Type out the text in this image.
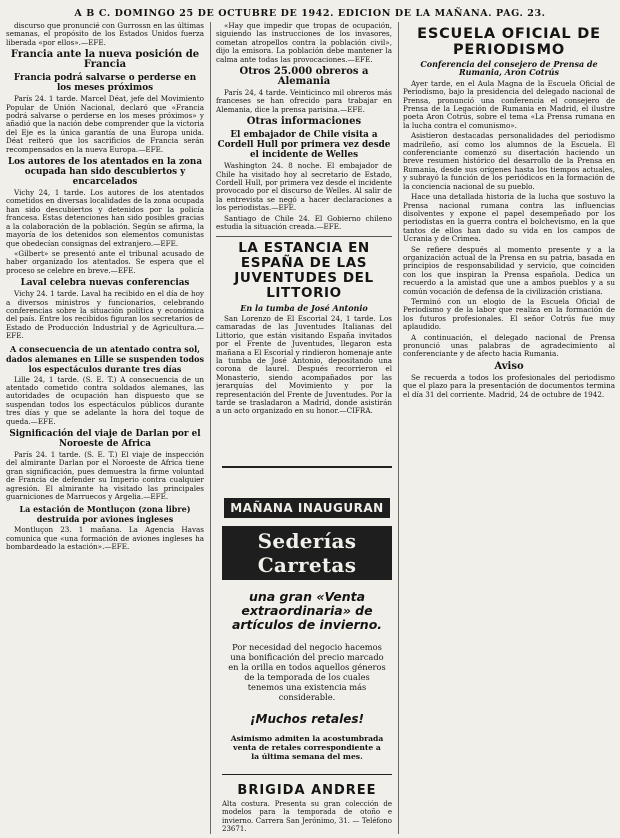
A B C. DOMINGO 25 DE OCTUBRE DE 1942. EDICION DE LA MAÑANA. PAG. 23.

discurso que pronuncié con Gurrossn en las últimas semanas, el propósito de los Estados Unidos fuerza liberada «por ellos».—EFE.

Francia ante la nueva posición de Francia
Francia podrá salvarse o perderse en los meses próximos

París 24. 1 tarde. Marcel Déat, jefe del Movimiento Popular de Unión Nacional, declaró que «Francia podrá salvarse o perderse en los meses próximos» y añadió que la nación debe comprender que la victoria del Eje es la única garantía de una Europa unida. Déat reiteró que los sacrificios de Francia serán recompensados en la nueva Europa.—EFE.

Los autores de los atentados en la zona ocupada han sido descubiertos y encarcelados

Vichy 24, 1 tarde. Los autores de los atentados cometidos en diversas localidades de la zona ocupada han sido descubiertos y detenidos por la policía francesa. Estas detenciones han sido posibles gracias a la colaboración de la población. Según se afirma, la mayoría de los detenidos son elementos comunistas que obedecían consignas del extranjero.—EFE.

«Gilbert» se presentó ante el tribunal acusado de haber organizado los atentados. Se espera que el proceso se celebre en breve.—EFE.

Laval celebra nuevas conferencias

Vichy 24. 1 tarde. Laval ha recibido en el día de hoy a diversos ministros y funcionarios, celebrando conferencias sobre la situación política y económica del país. Entre los recibidos figuran los secretarios de Estado de Producción Industrial y de Agricultura.—EFE.

A consecuencia de un atentado contra sol, dados alemanes en Lille se suspenden todos los espectáculos durante tres días

Lille 24, 1 tarde. (S. E. T.) A consecuencia de un atentado cometido contra soldados alemanes, las autoridades de ocupación han dispuesto que se suspendan todos los espectáculos públicos durante tres días y que se adelante la hora del toque de queda.—EFE.

Significación del viaje de Darlan por el Noroeste de Africa

París 24. 1 tarde. (S. E. T.) El viaje de inspección del almirante Darlan por el Noroeste de Africa tiene gran significación, pues demuestra la firme voluntad de Francia de defender su Imperio contra cualquier agresión. El almirante ha visitado las principales guarniciones de Marruecos y Argelia.—EFE.

La estación de Montluçon (zona libre) destruida por aviones ingleses

Montluçon 23. 1 mañana. La Agencia Havas comunica que «una formación de aviones ingleses ha bombardeado la estación».—EFE.

«Hay que impedir que tropas de ocupación, siguiendo las instrucciones de los invasores, cometan atropellos contra la población civil», dijo la emisora. La población debe mantener la calma ante todas las provocaciones.—EFE.

Otros 25.000 obreros a Alemania

París 24, 4 tarde. Veinticinco mil obreros más franceses se han ofrecido para trabajar en Alemania, dice la prensa parisina.—EFE.

Otras informaciones
El embajador de Chile visita a Cordell Hull por primera vez desde el incidente de Welles

Washington 24. 8 noche. El embajador de Chile ha visitado hoy al secretario de Estado, Cordell Hull, por primera vez desde el incidente provocado por el discurso de Welles. Al salir de la entrevista se negó a hacer declaraciones a los periodistas.—EFE.

Santiago de Chile 24. El Gobierno chileno estudia la situación creada.—EFE.

LA ESTANCIA EN ESPAÑA DE LAS JUVENTUDES DEL LITTORIO
En la tumba de José Antonio

San Lorenzo de El Escorial 24, 1 tarde. Los camaradas de las Juventudes Italianas del Littorio, que están visitando España invitados por el Frente de Juventudes, llegaron esta mañana a El Escorial y rindieron homenaje ante la tumba de José Antonio, depositando una corona de laurel. Después recorrieron el Monasterio, siendo acompañados por las jerarquías del Movimiento y por la representación del Frente de Juventudes. Por la tarde se trasladaron a Madrid, donde asistirán a un acto organizado en su honor.—CIFRA.

MAÑANA INAUGURAN
Sederías Carretas
una gran «Venta extraordinaria» de artículos de invierno.
Por necesidad del negocio hacemos una bonificación del precio marcado en la orilla en todos aquellos géneros de la temporada de los cuales tenemos una existencia más considerable.
¡Muchos retales!
Asimismo admiten la acostumbrada venta de retales correspondiente a la última semana del mes.
BRIGIDA ANDREE
Alta costura. Presenta su gran colección de modelos para la temporada de otoño e invierno. Carrera San Jerónimo, 31. — Teléfono 23671.
ESCUELA OFICIAL DE PERIODISMO
Conferencia del consejero de Prensa de Rumania, Aron Cotrús

Ayer tarde, en el Aula Magna de la Escuela Oficial de Periodismo, bajo la presidencia del delegado nacional de Prensa, pronunció una conferencia el consejero de Prensa de la Legación de Rumania en Madrid, el ilustre poeta Aron Cotrús, sobre el tema «La Prensa rumana en la lucha contra el comunismo».

Asistieron destacadas personalidades del periodismo madrileño, así como los alumnos de la Escuela. El conferenciante comenzó su disertación haciendo un breve resumen histórico del desarrollo de la Prensa en Rumania, desde sus orígenes hasta los tiempos actuales, y subrayó la función de los periódicos en la formación de la conciencia nacional de su pueblo.

Hace una detallada historia de la lucha que sostuvo la Prensa nacional rumana contra las influencias disolventes y expone el papel desempeñado por los periodistas en la guerra contra el bolchevismo, en la que tantos de ellos han dado su vida en los campos de Ucrania y de Crimea.

Se refiere después al momento presente y a la organización actual de la Prensa en su patria, basada en principios de responsabilidad y servicio, que coinciden con los que inspiran la Prensa española. Dedica un recuerdo a la amistad que une a ambos pueblos y a su común vocación de defensa de la civilización cristiana.

Terminó con un elogio de la Escuela Oficial de Periodismo y de la labor que realiza en la formación de los futuros profesionales. El señor Cotrús fue muy aplaudido.

A continuación, el delegado nacional de Prensa pronunció unas palabras de agradecimiento al conferenciante y de afecto hacia Rumania.

Aviso

Se recuerda a todos los profesionales del periodismo que el plazo para la presentación de documentos termina el día 31 del corriente. Madrid, 24 de octubre de 1942.
